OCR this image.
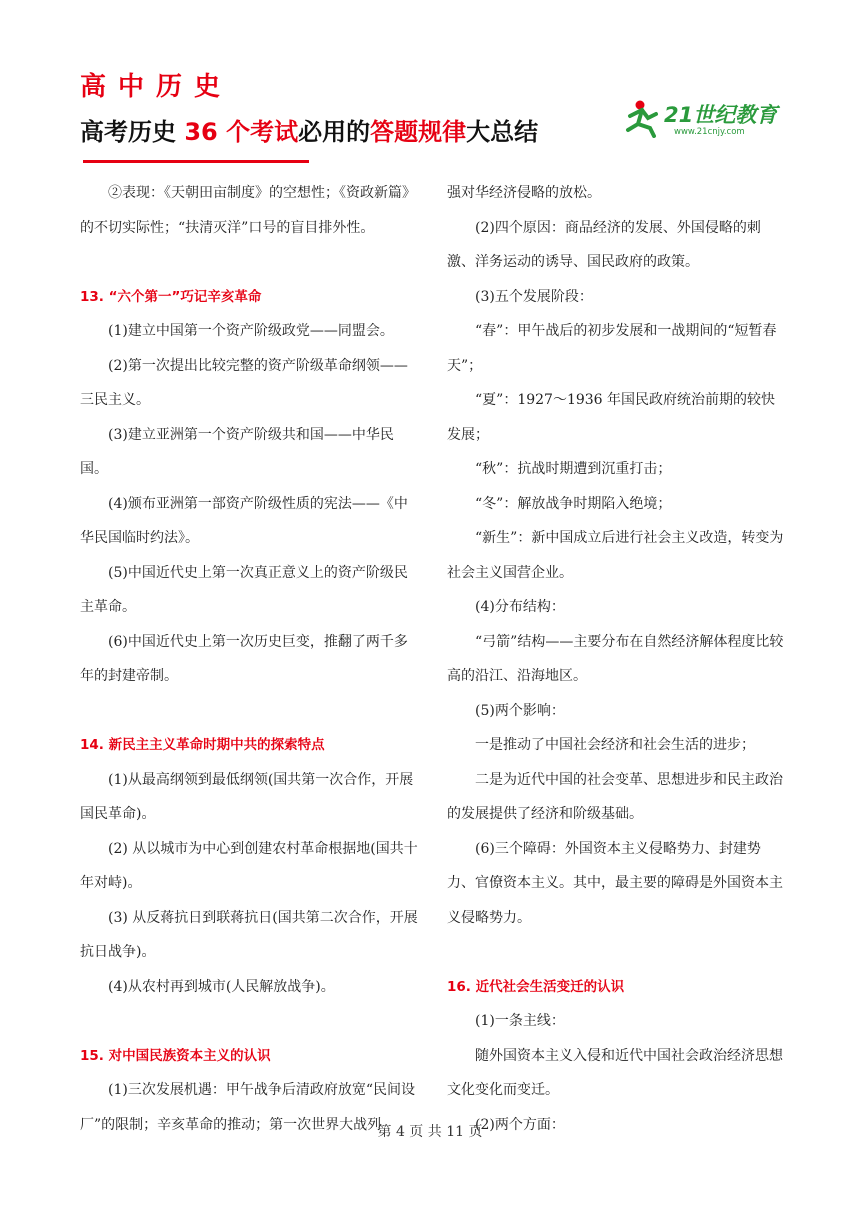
高中历史
高考历史 36 个考试必用的答题规律大总结
21世纪教育
www.21cnjy.com

②表现：《天朝田亩制度》的空想性；《资政新篇》的不切实际性；“扶清灭洋”口号的盲目排外性。

13. “六个第一”巧记辛亥革命

(1)建立中国第一个资产阶级政党——同盟会。

(2)第一次提出比较完整的资产阶级革命纲领——三民主义。

(3)建立亚洲第一个资产阶级共和国——中华民国。

(4)颁布亚洲第一部资产阶级性质的宪法——《中华民国临时约法》。

(5)中国近代史上第一次真正意义上的资产阶级民主革命。

(6)中国近代史上第一次历史巨变，推翻了两千多年的封建帝制。

14. 新民主主义革命时期中共的探索特点

(1)从最高纲领到最低纲领(国共第一次合作，开展国民革命)。

(2) 从以城市为中心到创建农村革命根据地(国共十年对峙)。

(3) 从反蒋抗日到联蒋抗日(国共第二次合作，开展抗日战争)。

(4)从农村再到城市(人民解放战争)。

15. 对中国民族资本主义的认识

(1)三次发展机遇：甲午战争后清政府放宽“民间设厂”的限制；辛亥革命的推动；第一次世界大战列

强对华经济侵略的放松。

(2)四个原因：商品经济的发展、外国侵略的刺激、洋务运动的诱导、国民政府的政策。

(3)五个发展阶段：

“春”：甲午战后的初步发展和一战期间的“短暂春天”；

“夏”：1927～1936 年国民政府统治前期的较快发展；

“秋”：抗战时期遭到沉重打击；

“冬”：解放战争时期陷入绝境；

“新生”：新中国成立后进行社会主义改造，转变为社会主义国营企业。

(4)分布结构：

“弓箭”结构——主要分布在自然经济解体程度比较高的沿江、沿海地区。

(5)两个影响：

一是推动了中国社会经济和社会生活的进步；

二是为近代中国的社会变革、思想进步和民主政治的发展提供了经济和阶级基础。

(6)三个障碍：外国资本主义侵略势力、封建势力、官僚资本主义。其中，最主要的障碍是外国资本主义侵略势力。

16. 近代社会生活变迁的认识

(1)一条主线：

随外国资本主义入侵和近代中国社会政治经济思想文化变化而变迁。

(2)两个方面：

第 4 页 共 11 页
